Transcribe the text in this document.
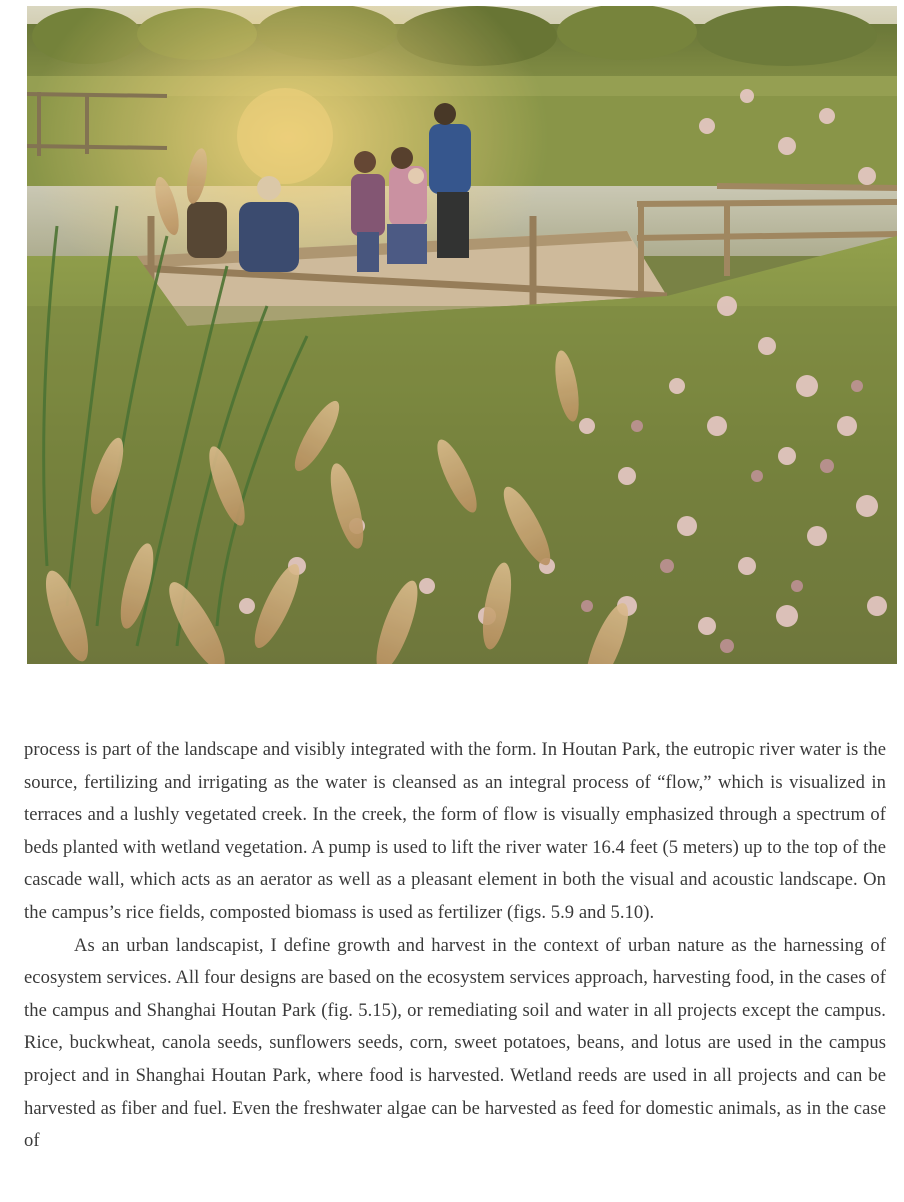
process is part of the landscape and visibly integrated with the form. In Houtan Park, the eutropic river water is the source, fertilizing and irrigating as the water is cleansed as an integral process of “flow,” which is visualized in terraces and a lushly vegetated creek. In the creek, the form of flow is visually emphasized through a spectrum of beds planted with wetland vegetation. A pump is used to lift the river water 16.4 feet (5 meters) up to the top of the cascade wall, which acts as an aerator as well as a pleasant element in both the visual and acoustic landscape. On the campus’s rice fields, composted biomass is used as fertilizer (figs. 5.9 and 5.10).

As an urban landscapist, I define growth and harvest in the context of urban nature as the harnessing of ecosystem services. All four designs are based on the ecosystem services approach, harvesting food, in the cases of the campus and Shanghai Houtan Park (fig. 5.15), or remediating soil and water in all projects except the campus. Rice, buckwheat, canola seeds, sunflowers seeds, corn, sweet potatoes, beans, and lotus are used in the campus project and in Shanghai Houtan Park, where food is harvested. Wetland reeds are used in all projects and can be harvested as fiber and fuel. Even the freshwater algae can be harvested as feed for domestic animals, as in the case of
